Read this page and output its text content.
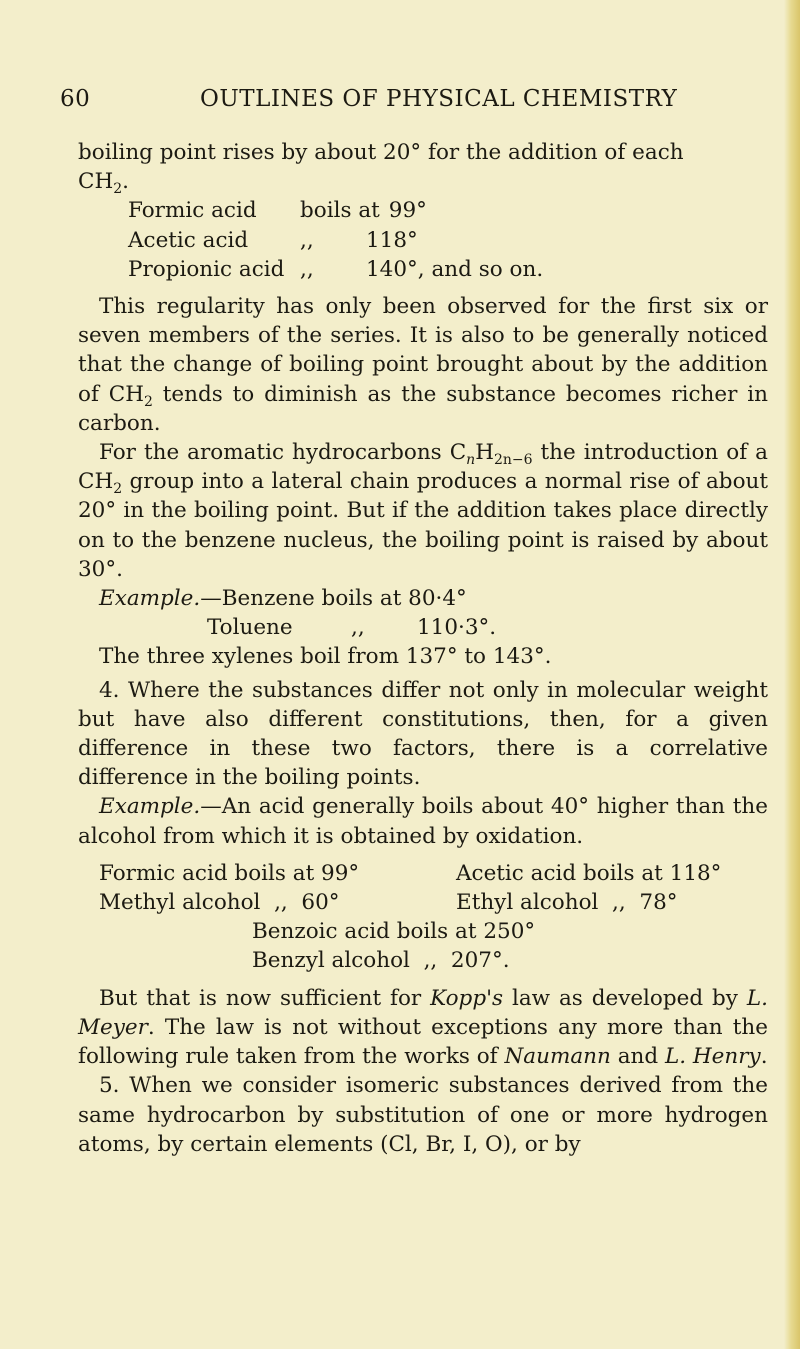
60	OUTLINES OF PHYSICAL CHEMISTRY

boiling point rises by about 20° for the addition of each
$CH_2$.

Formic acid	boils at 99°
Acetic acid	,,	118°
Propionic acid ,,	140°, and so on.

This regularity has only been observed for the first six or seven members of the series. It is also to be generally noticed that the change of boiling point brought about by the addition of $CH_2$ tends to diminish as the substance becomes richer in carbon.

For the aromatic hydrocarbons $C_nH_{2n-6}$ the introduction of a $CH_2$ group into a lateral chain produces a normal rise of about 20° in the boiling point. But if the addition takes place directly on to the benzene nucleus, the boiling point is raised by about 30°.

Example.—Benzene boils at 80·4°
Toluene	,,	110·3°.

The three xylenes boil from 137° to 143°.

4. Where the substances differ not only in molecular weight but have also different constitutions, then, for a given difference in these two factors, there is a correlative difference in the boiling points.

Example.—An acid generally boils about 40° higher than the alcohol from which it is obtained by oxidation.

Formic acid boils at 99°	Acetic acid boils at 118°
Methyl alcohol  ,,  60°	Ethyl alcohol  ,,  78°
Benzoic acid boils at 250°
Benzyl alcohol  ,,  207°.

But that is now sufficient for Kopp's law as developed by L. Meyer. The law is not without exceptions any more than the following rule taken from the works of Naumann and L. Henry.

5. When we consider isomeric substances derived from the same hydrocarbon by substitution of one or more hydrogen atoms, by certain elements (Cl, Br, I, O), or by
